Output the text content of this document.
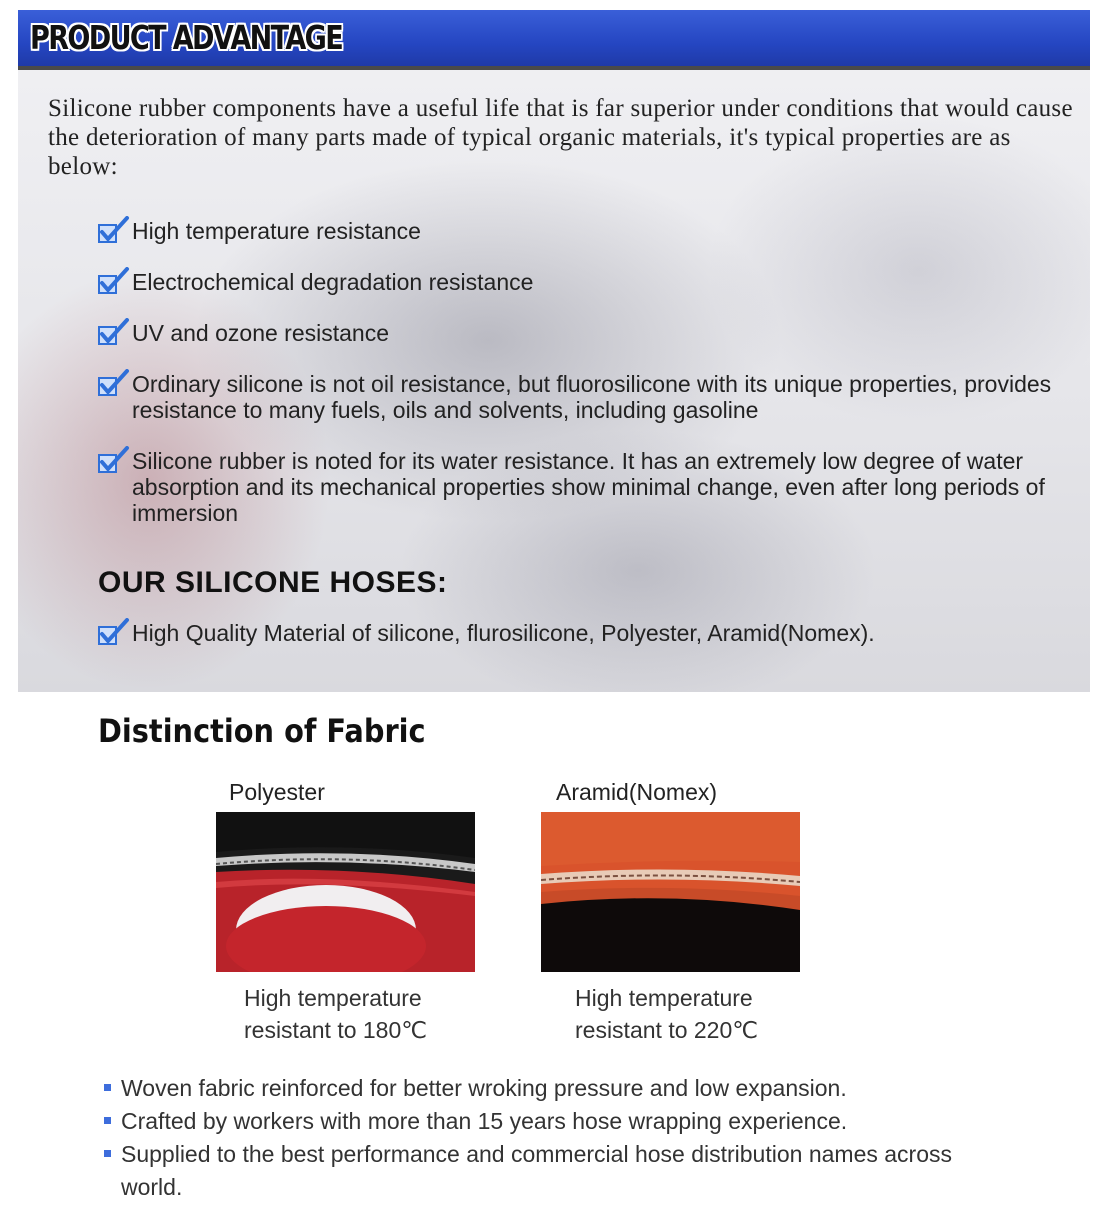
PRODUCT ADVANTAGE
Silicone rubber components have a useful life that is far superior under conditions that would cause the deterioration of many parts made of typical organic materials, it's typical properties are as below:
High temperature resistance
Electrochemical degradation resistance
UV and ozone resistance
Ordinary silicone is not oil resistance, but fluorosilicone with its unique properties, provides resistance to many fuels, oils and solvents, including gasoline
Silicone rubber is noted for its water resistance. It has an extremely low degree of water absorption and its mechanical properties show minimal change, even after long periods of immersion
OUR SILICONE HOSES:
High Quality Material of silicone, flurosilicone, Polyester, Aramid(Nomex).
Distinction of Fabric
Polyester	Aramid(Nomex)
High temperature
resistant to 180℃
High temperature
resistant to 220℃
Woven fabric reinforced for better wroking pressure and low expansion.
Crafted by workers with more than 15 years hose wrapping experience.
Supplied to the best performance and commercial hose distribution names across world.
